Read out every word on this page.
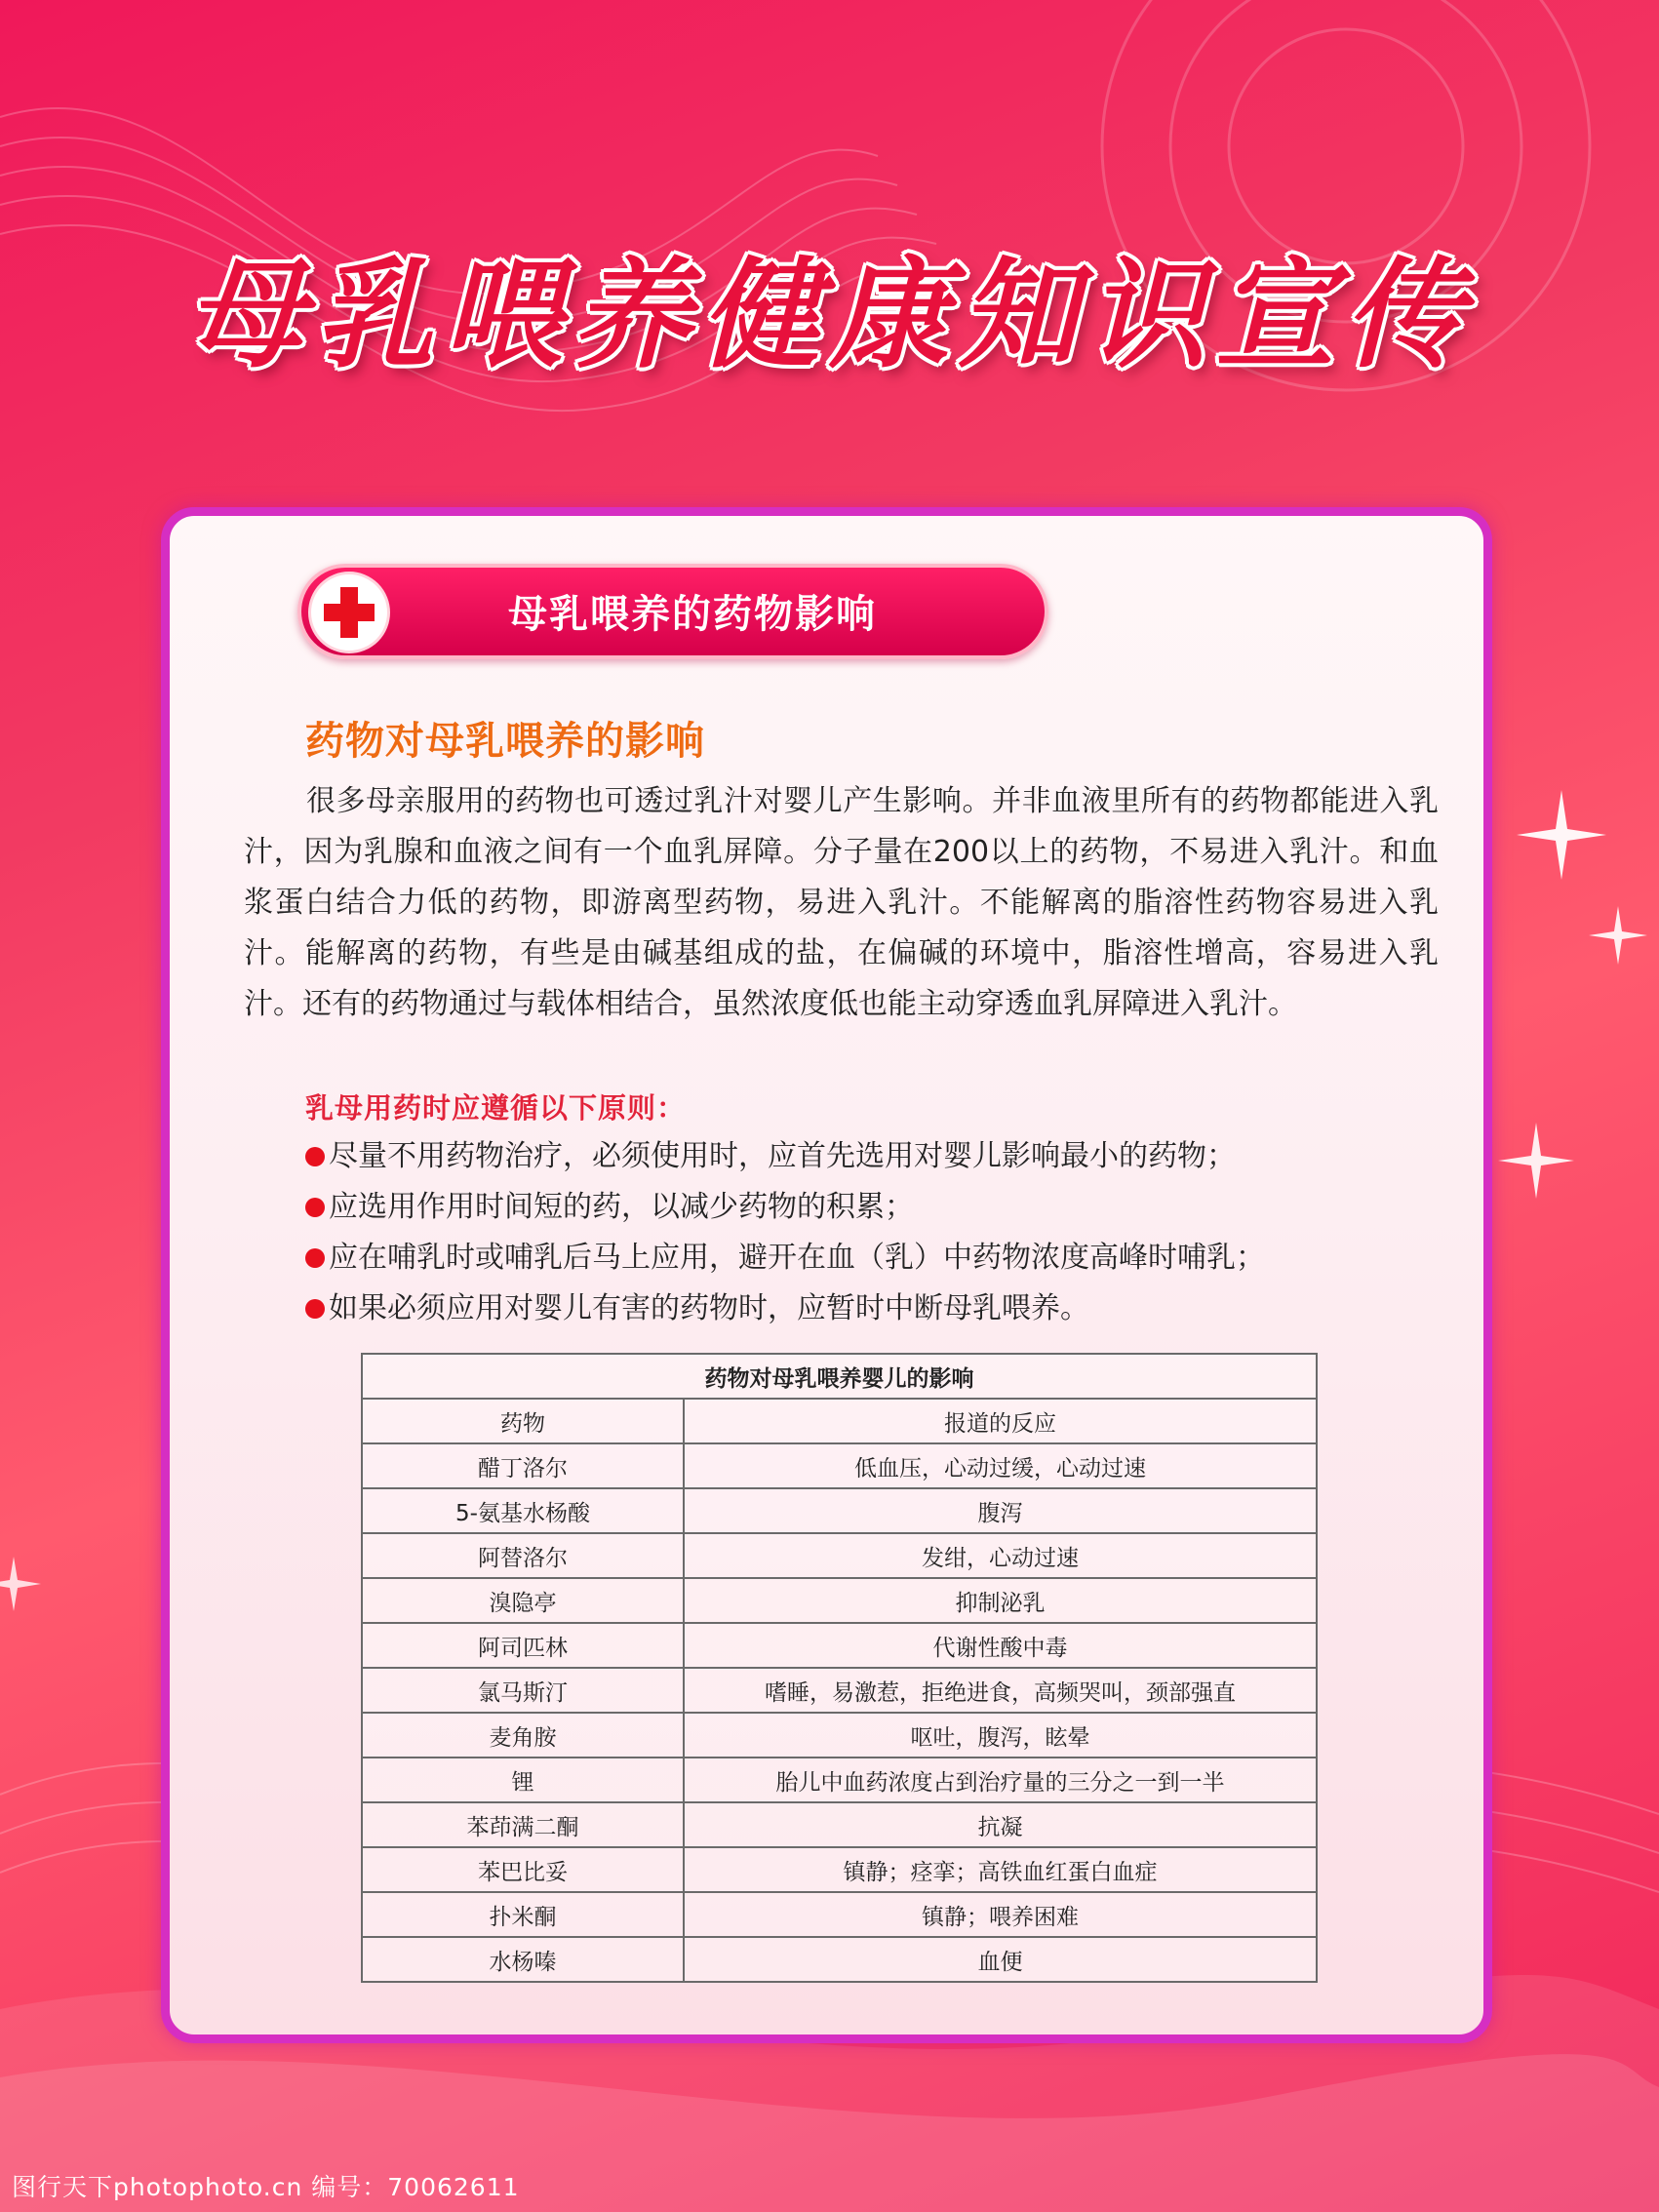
母乳喂养健康知识宣传
母乳喂养的药物影响
药物对母乳喂养的影响
很多母亲服用的药物也可透过乳汁对婴儿产生影响。并非血液里所有的药物都能进入乳汁，因为乳腺和血液之间有一个血乳屏障。分子量在200以上的药物，不易进入乳汁。和血浆蛋白结合力低的药物，即游离型药物，易进入乳汁。不能解离的脂溶性药物容易进入乳汁。能解离的药物，有些是由碱基组成的盐，在偏碱的环境中，脂溶性增高，容易进入乳汁。还有的药物通过与载体相结合，虽然浓度低也能主动穿透血乳屏障进入乳汁。
乳母用药时应遵循以下原则：
尽量不用药物治疗，必须使用时，应首先选用对婴儿影响最小的药物；
应选用作用时间短的药，以减少药物的积累；
应在哺乳时或哺乳后马上应用，避开在血（乳）中药物浓度高峰时哺乳；
如果必须应用对婴儿有害的药物时，应暂时中断母乳喂养。
药物对母乳喂养婴儿的影响	
药物	报道的反应
醋丁洛尔	低血压，心动过缓，心动过速
5-氨基水杨酸	腹泻
阿替洛尔	发绀，心动过速
溴隐亭	抑制泌乳
阿司匹林	代谢性酸中毒
氯马斯汀	嗜睡，易激惹，拒绝进食，高频哭叫，颈部强直
麦角胺	呕吐，腹泻，眩晕
锂	胎儿中血药浓度占到治疗量的三分之一到一半
苯茚满二酮	抗凝
苯巴比妥	镇静；痉挛；高铁血红蛋白血症
扑米酮	镇静；喂养困难
水杨嗪	血便
图行天下photophoto.cn 编号：70062611
